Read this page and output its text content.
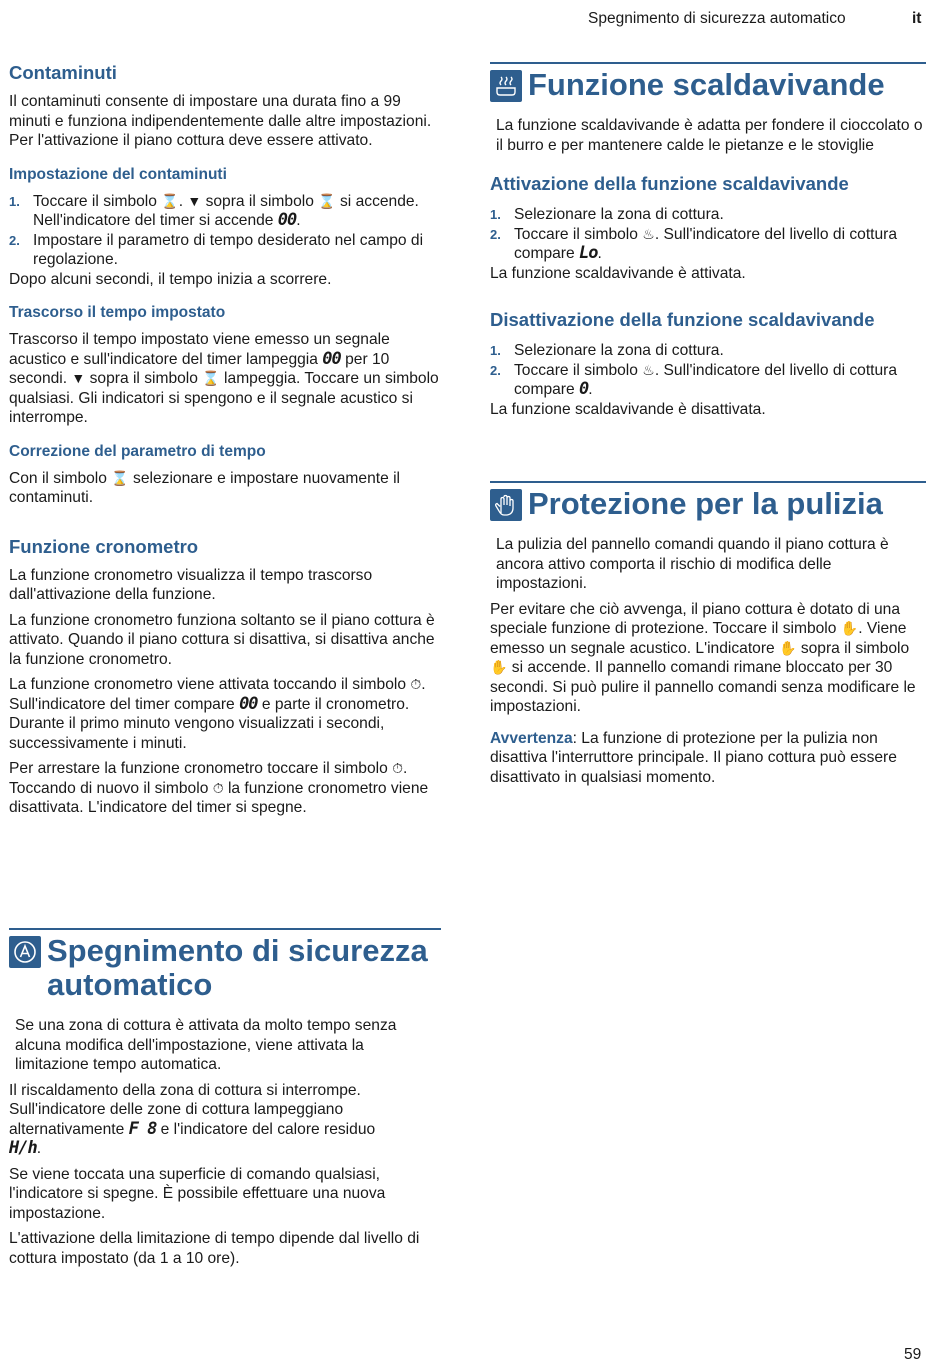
Spegnimento di sicurezza automatico	it
Contaminuti

Il contaminuti consente di impostare una durata fino a 99 minuti e funziona indipendentemente dalle altre impostazioni. Per l'attivazione il piano cottura deve essere attivato.

Impostazione del contaminuti
1. Toccare il simbolo ⌛. ▼ sopra il simbolo ⌛ si accende. Nell'indicatore del timer si accende 00.
2. Impostare il parametro di tempo desiderato nel campo di regolazione.

Dopo alcuni secondi, il tempo inizia a scorrere.

Trascorso il tempo impostato

Trascorso il tempo impostato viene emesso un segnale acustico e sull'indicatore del timer lampeggia 00 per 10 secondi. ▼ sopra il simbolo ⌛ lampeggia. Toccare un simbolo qualsiasi. Gli indicatori si spengono e il segnale acustico si interrompe.

Correzione del parametro di tempo

Con il simbolo ⌛ selezionare e impostare nuovamente il contaminuti.

Funzione cronometro

La funzione cronometro visualizza il tempo trascorso dall'attivazione della funzione.

La funzione cronometro funziona soltanto se il piano cottura è attivato. Quando il piano cottura si disattiva, si disattiva anche la funzione cronometro.

La funzione cronometro viene attivata toccando il simbolo ⏱. Sull'indicatore del timer compare 00 e parte il cronometro. Durante il primo minuto vengono visualizzati i secondi, successivamente i minuti.

Per arrestare la funzione cronometro toccare il simbolo ⏱. Toccando di nuovo il simbolo ⏱ la funzione cronometro viene disattivata. L'indicatore del timer si spegne.

Funzione scaldavivande

La funzione scaldavivande è adatta per fondere il cioccolato o il burro e per mantenere calde le pietanze e le stoviglie

Attivazione della funzione scaldavivande
1. Selezionare la zona di cottura.
2. Toccare il simbolo ♨. Sull'indicatore del livello di cottura compare Lo.

La funzione scaldavivande è attivata.

Disattivazione della funzione scaldavivande
1. Selezionare la zona di cottura.
2. Toccare il simbolo ♨. Sull'indicatore del livello di cottura compare 0.

La funzione scaldavivande è disattivata.

Protezione per la pulizia

La pulizia del pannello comandi quando il piano cottura è ancora attivo comporta il rischio di modifica delle impostazioni.

Per evitare che ciò avvenga, il piano cottura è dotato di una speciale funzione di protezione. Toccare il simbolo ✋. Viene emesso un segnale acustico. L'indicatore ✋ sopra il simbolo ✋ si accende. Il pannello comandi rimane bloccato per 30 secondi. Si può pulire il pannello comandi senza modificare le impostazioni.

Avvertenza: La funzione di protezione per la pulizia non disattiva l'interruttore principale. Il piano cottura può essere disattivato in qualsiasi momento.

Spegnimento di sicurezza
automatico

Se una zona di cottura è attivata da molto tempo senza alcuna modifica dell'impostazione, viene attivata la limitazione tempo automatica.

Il riscaldamento della zona di cottura si interrompe. Sull'indicatore delle zone di cottura lampeggiano alternativamente F 8 e l'indicatore del calore residuo
H/h.

Se viene toccata una superficie di comando qualsiasi, l'indicatore si spegne. È possibile effettuare una nuova impostazione.

L'attivazione della limitazione di tempo dipende dal livello di cottura impostato (da 1 a 10 ore).

59
